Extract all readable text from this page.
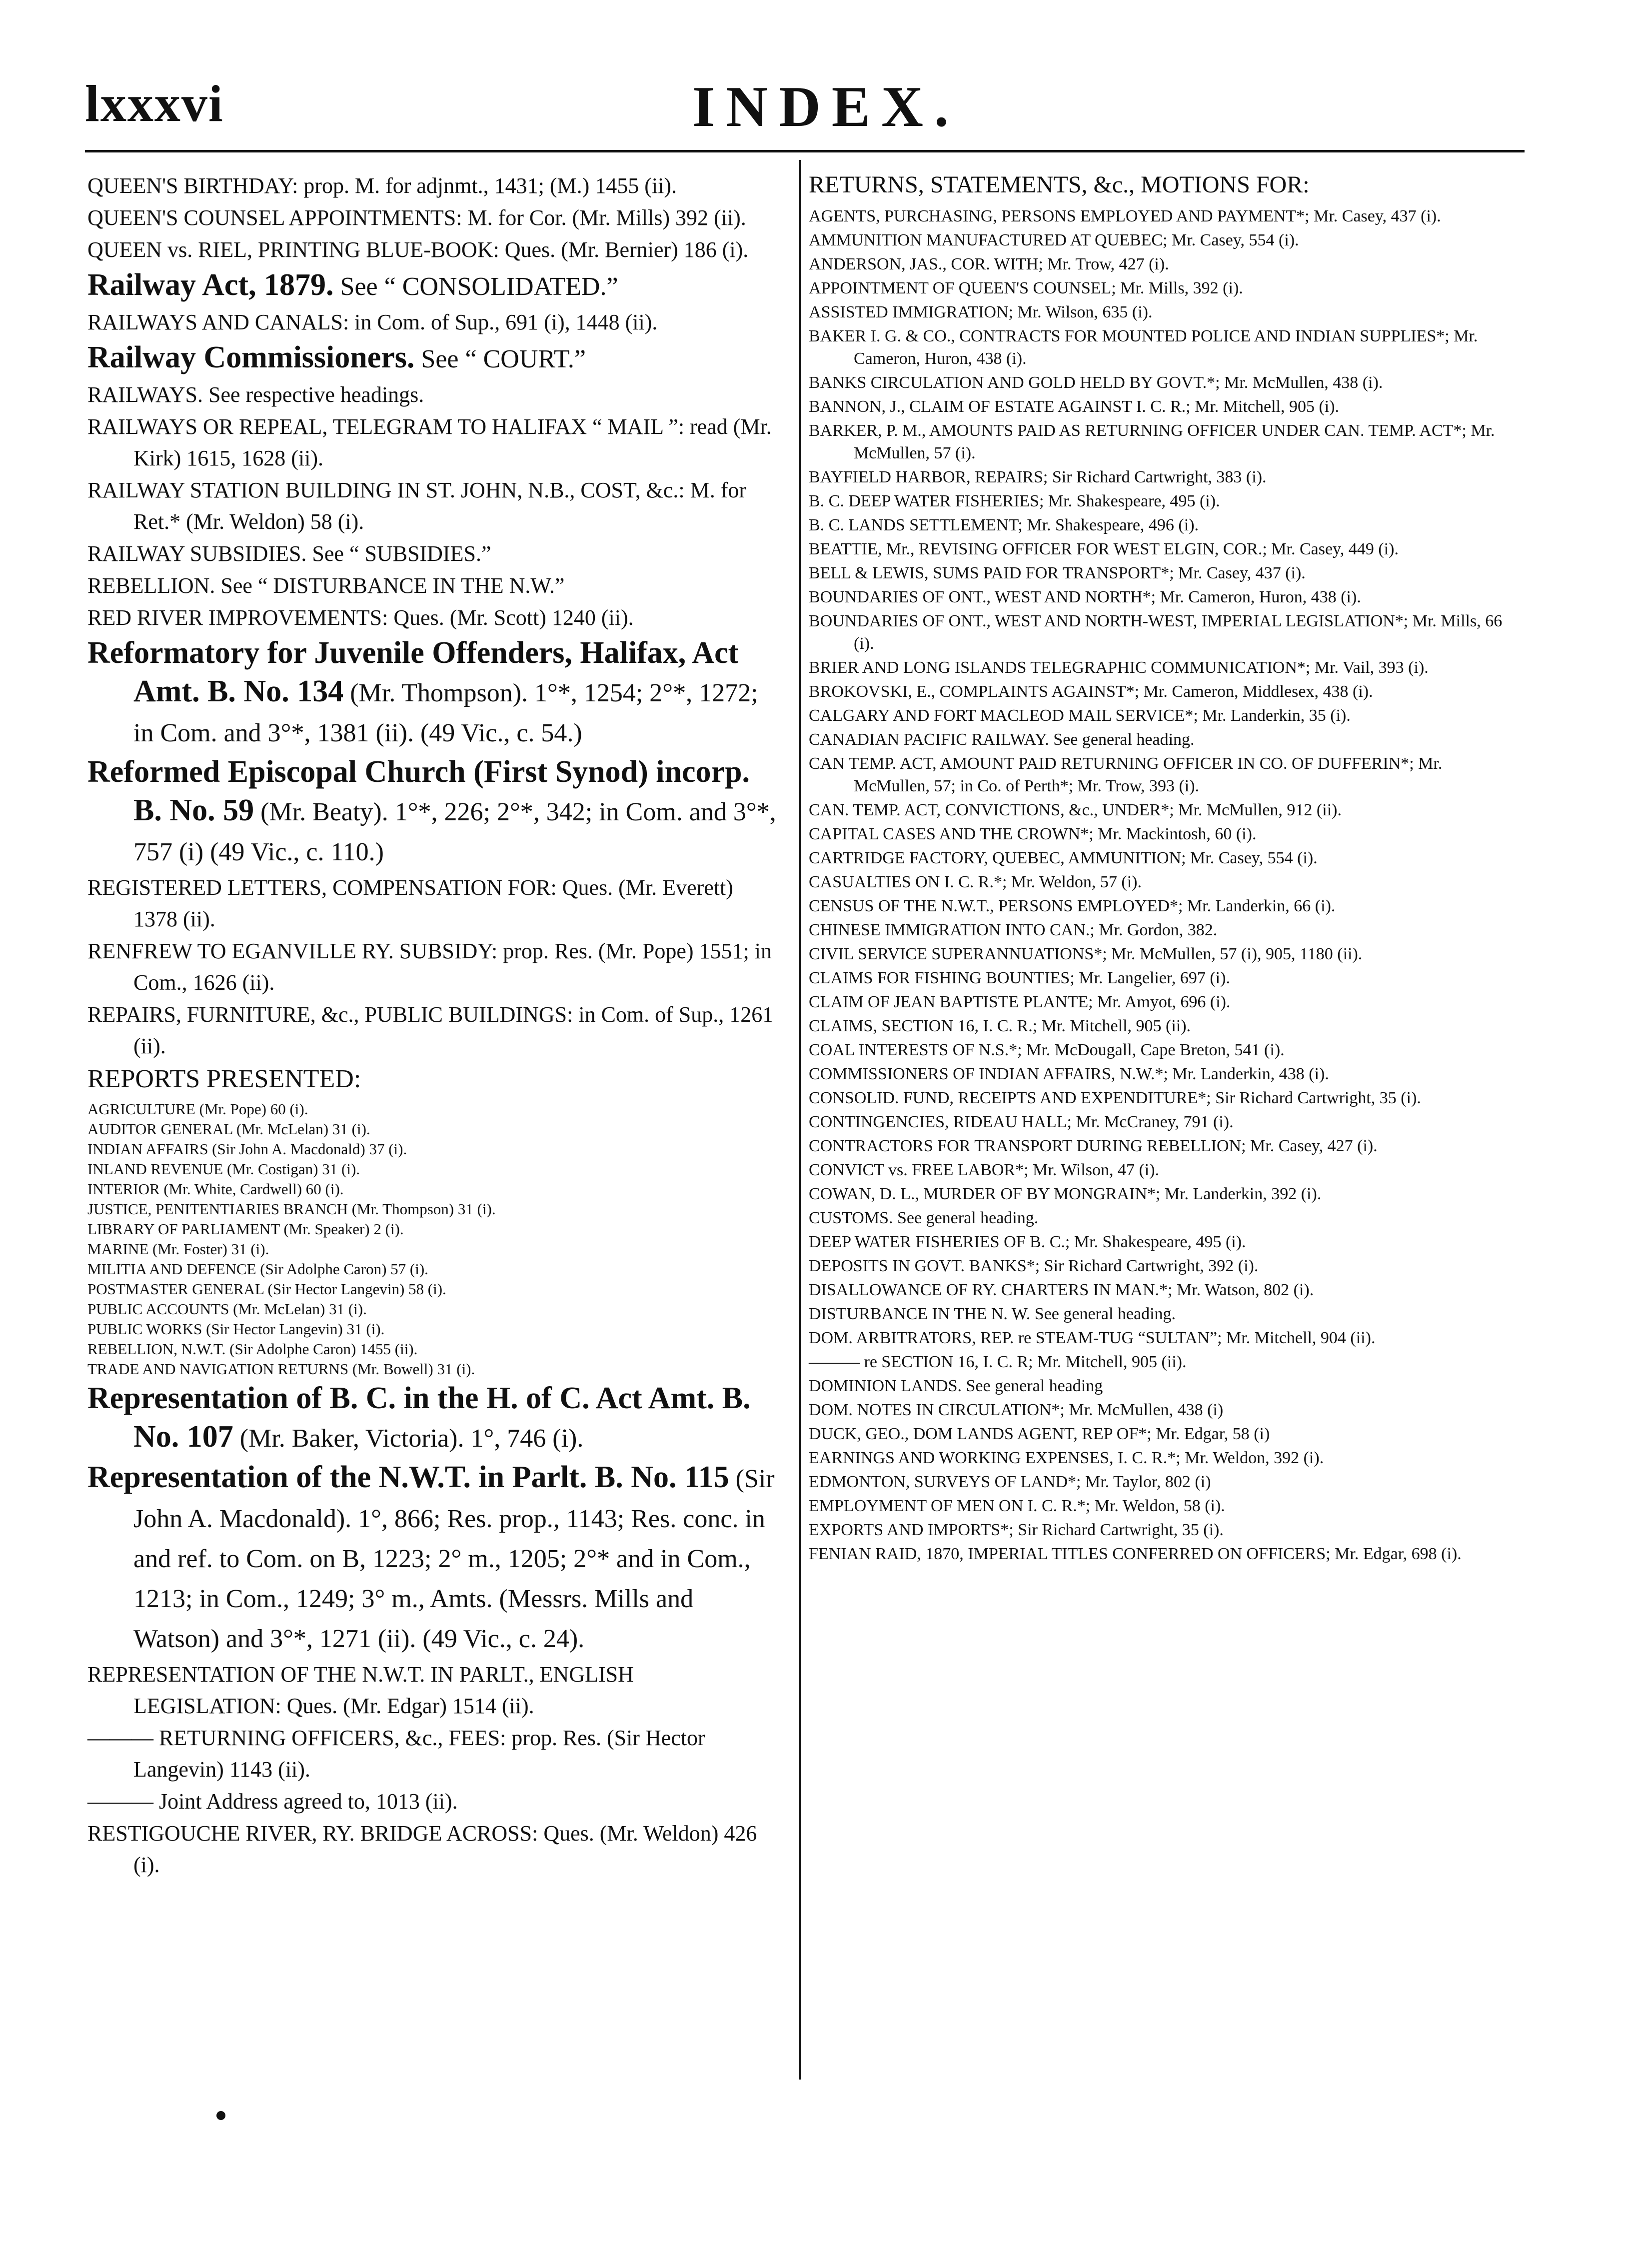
lxxxvi	INDEX.
QUEEN'S BIRTHDAY: prop. M. for adjnmt., 1431; (M.) 1455 (ii).
QUEEN'S COUNSEL APPOINTMENTS: M. for Cor. (Mr. Mills) 392 (ii).
QUEEN vs. RIEL, PRINTING BLUE-BOOK: Ques. (Mr. Bernier) 186 (i).
Railway Act, 1879. See “ CONSOLIDATED.”
RAILWAYS AND CANALS: in Com. of Sup., 691 (i), 1448 (ii).
Railway Commissioners. See “ COURT.”
RAILWAYS. See respective headings.
RAILWAYS OR REPEAL, TELEGRAM TO HALIFAX “ MAIL ”: read (Mr. Kirk) 1615, 1628 (ii).
RAILWAY STATION BUILDING IN ST. JOHN, N.B., COST, &c.: M. for Ret.* (Mr. Weldon) 58 (i).
RAILWAY SUBSIDIES. See “ SUBSIDIES.”
REBELLION. See “ DISTURBANCE IN THE N.W.”
RED RIVER IMPROVEMENTS: Ques. (Mr. Scott) 1240 (ii).
Reformatory for Juvenile Offenders, Halifax, Act Amt. B. No. 134 (Mr. Thompson). 1°*, 1254; 2°*, 1272; in Com. and 3°*, 1381 (ii). (49 Vic., c. 54.)
Reformed Episcopal Church (First Synod) incorp. B. No. 59 (Mr. Beaty). 1°*, 226; 2°*, 342; in Com. and 3°*, 757 (i) (49 Vic., c. 110.)
REGISTERED LETTERS, COMPENSATION FOR: Ques. (Mr. Everett) 1378 (ii).
RENFREW TO EGANVILLE RY. SUBSIDY: prop. Res. (Mr. Pope) 1551; in Com., 1626 (ii).
REPAIRS, FURNITURE, &c., PUBLIC BUILDINGS: in Com. of Sup., 1261 (ii).
REPORTS PRESENTED:
AGRICULTURE (Mr. Pope) 60 (i).
AUDITOR GENERAL (Mr. McLelan) 31 (i).
INDIAN AFFAIRS (Sir John A. Macdonald) 37 (i).
INLAND REVENUE (Mr. Costigan) 31 (i).
INTERIOR (Mr. White, Cardwell) 60 (i).
JUSTICE, PENITENTIARIES BRANCH (Mr. Thompson) 31 (i).
LIBRARY OF PARLIAMENT (Mr. Speaker) 2 (i).
MARINE (Mr. Foster) 31 (i).
MILITIA AND DEFENCE (Sir Adolphe Caron) 57 (i).
POSTMASTER GENERAL (Sir Hector Langevin) 58 (i).
PUBLIC ACCOUNTS (Mr. McLelan) 31 (i).
PUBLIC WORKS (Sir Hector Langevin) 31 (i).
REBELLION, N.W.T. (Sir Adolphe Caron) 1455 (ii).
TRADE AND NAVIGATION RETURNS (Mr. Bowell) 31 (i).
Representation of B. C. in the H. of C. Act Amt. B. No. 107 (Mr. Baker, Victoria). 1°, 746 (i).
Representation of the N.W.T. in Parlt. B. No. 115 (Sir John A. Macdonald). 1°, 866; Res. prop., 1143; Res. conc. in and ref. to Com. on B, 1223; 2° m., 1205; 2°* and in Com., 1213; in Com., 1249; 3° m., Amts. (Messrs. Mills and Watson) and 3°*, 1271 (ii). (49 Vic., c. 24).
REPRESENTATION OF THE N.W.T. IN PARLT., ENGLISH LEGISLATION: Ques. (Mr. Edgar) 1514 (ii).
——— RETURNING OFFICERS, &c., FEES: prop. Res. (Sir Hector Langevin) 1143 (ii).
——— Joint Address agreed to, 1013 (ii).
RESTIGOUCHE RIVER, RY. BRIDGE ACROSS: Ques. (Mr. Weldon) 426 (i).
RETURNS, STATEMENTS, &c., MOTIONS FOR:
AGENTS, PURCHASING, PERSONS EMPLOYED AND PAYMENT*; Mr. Casey, 437 (i).
AMMUNITION MANUFACTURED AT QUEBEC; Mr. Casey, 554 (i).
ANDERSON, JAS., COR. WITH; Mr. Trow, 427 (i).
APPOINTMENT OF QUEEN'S COUNSEL; Mr. Mills, 392 (i).
ASSISTED IMMIGRATION; Mr. Wilson, 635 (i).
BAKER I. G. & CO., CONTRACTS FOR MOUNTED POLICE AND INDIAN SUPPLIES*; Mr. Cameron, Huron, 438 (i).
BANKS CIRCULATION AND GOLD HELD BY GOVT.*; Mr. McMullen, 438 (i).
BANNON, J., CLAIM OF ESTATE AGAINST I. C. R.; Mr. Mitchell, 905 (i).
BARKER, P. M., AMOUNTS PAID AS RETURNING OFFICER UNDER CAN. TEMP. ACT*; Mr. McMullen, 57 (i).
BAYFIELD HARBOR, REPAIRS; Sir Richard Cartwright, 383 (i).
B. C. DEEP WATER FISHERIES; Mr. Shakespeare, 495 (i).
B. C. LANDS SETTLEMENT; Mr. Shakespeare, 496 (i).
BEATTIE, Mr., REVISING OFFICER FOR WEST ELGIN, COR.; Mr. Casey, 449 (i).
BELL & LEWIS, SUMS PAID FOR TRANSPORT*; Mr. Casey, 437 (i).
BOUNDARIES OF ONT., WEST AND NORTH*; Mr. Cameron, Huron, 438 (i).
BOUNDARIES OF ONT., WEST AND NORTH-WEST, IMPERIAL LEGISLATION*; Mr. Mills, 66 (i).
BRIER AND LONG ISLANDS TELEGRAPHIC COMMUNICATION*; Mr. Vail, 393 (i).
BROKOVSKI, E., COMPLAINTS AGAINST*; Mr. Cameron, Middlesex, 438 (i).
CALGARY AND FORT MACLEOD MAIL SERVICE*; Mr. Landerkin, 35 (i).
CANADIAN PACIFIC RAILWAY. See general heading.
CAN TEMP. ACT, AMOUNT PAID RETURNING OFFICER IN CO. OF DUFFERIN*; Mr. McMullen, 57; in Co. of Perth*; Mr. Trow, 393 (i).
CAN. TEMP. ACT, CONVICTIONS, &c., UNDER*; Mr. McMullen, 912 (ii).
CAPITAL CASES AND THE CROWN*; Mr. Mackintosh, 60 (i).
CARTRIDGE FACTORY, QUEBEC, AMMUNITION; Mr. Casey, 554 (i).
CASUALTIES ON I. C. R.*; Mr. Weldon, 57 (i).
CENSUS OF THE N.W.T., PERSONS EMPLOYED*; Mr. Landerkin, 66 (i).
CHINESE IMMIGRATION INTO CAN.; Mr. Gordon, 382.
CIVIL SERVICE SUPERANNUATIONS*; Mr. McMullen, 57 (i), 905, 1180 (ii).
CLAIMS FOR FISHING BOUNTIES; Mr. Langelier, 697 (i).
CLAIM OF JEAN BAPTISTE PLANTE; Mr. Amyot, 696 (i).
CLAIMS, SECTION 16, I. C. R.; Mr. Mitchell, 905 (ii).
COAL INTERESTS OF N.S.*; Mr. McDougall, Cape Breton, 541 (i).
COMMISSIONERS OF INDIAN AFFAIRS, N.W.*; Mr. Landerkin, 438 (i).
CONSOLID. FUND, RECEIPTS AND EXPENDITURE*; Sir Richard Cartwright, 35 (i).
CONTINGENCIES, RIDEAU HALL; Mr. McCraney, 791 (i).
CONTRACTORS FOR TRANSPORT DURING REBELLION; Mr. Casey, 427 (i).
CONVICT vs. FREE LABOR*; Mr. Wilson, 47 (i).
COWAN, D. L., MURDER OF BY MONGRAIN*; Mr. Landerkin, 392 (i).
CUSTOMS. See general heading.
DEEP WATER FISHERIES OF B. C.; Mr. Shakespeare, 495 (i).
DEPOSITS IN GOVT. BANKS*; Sir Richard Cartwright, 392 (i).
DISALLOWANCE OF RY. CHARTERS IN MAN.*; Mr. Watson, 802 (i).
DISTURBANCE IN THE N. W. See general heading.
DOM. ARBITRATORS, REP. re STEAM-TUG “SULTAN”; Mr. Mitchell, 904 (ii).
——— re SECTION 16, I. C. R; Mr. Mitchell, 905 (ii).
DOMINION LANDS. See general heading
DOM. NOTES IN CIRCULATION*; Mr. McMullen, 438 (i)
DUCK, GEO., DOM LANDS AGENT, REP OF*; Mr. Edgar, 58 (i)
EARNINGS AND WORKING EXPENSES, I. C. R.*; Mr. Weldon, 392 (i).
EDMONTON, SURVEYS OF LAND*; Mr. Taylor, 802 (i)
EMPLOYMENT OF MEN ON I. C. R.*; Mr. Weldon, 58 (i).
EXPORTS AND IMPORTS*; Sir Richard Cartwright, 35 (i).
FENIAN RAID, 1870, IMPERIAL TITLES CONFERRED ON OFFICERS; Mr. Edgar, 698 (i).
